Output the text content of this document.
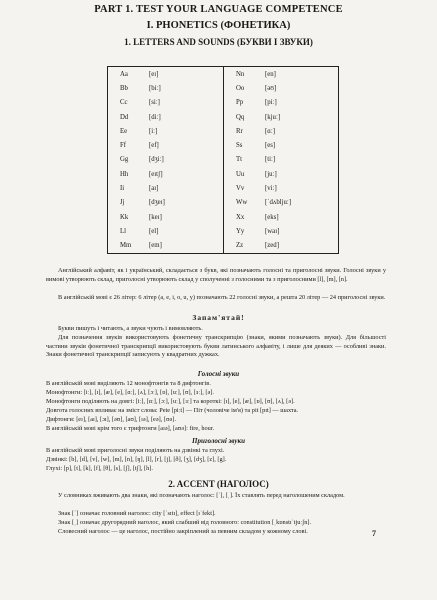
PART 1. TEST YOUR LANGUAGE COMPETENCE
I. PHONETICS (ФОНЕТИКА)
1. LETTERS AND SOUNDS (БУКВИ І ЗВУКИ)
Aa	[eɪ]	Nn	[en]
Bb	[biː]	Oo	[əʊ]
Cc	[siː]	Pp	[piː]
Dd	[diː]	Qq	[kjuː]
Ee	[iː]	Rr	[ɑː]
Ff	[ef]	Ss	[es]
Gg	[dʒiː]	Tt	[tiː]
Hh	[eɪtʃ]	Uu	[juː]
Ii	[aɪ]	Vv	[viː]
Jj	[dʒeɪ]	Ww	[ˈdʌbljuː]
Kk	[keɪ]	Xx	[eks]
Ll	[el]	Yy	[waɪ]
Mm	[em]	Zz	[zed]
Англійський алфавіт, як і український, складається з букв, які позначають голосні та приголосні звуки. Голосні звуки у вимові утворюють склад, приголосні утворюють склад у сполученні з голосними та з приголосними [l], [m], [n].
В англійській мові є 26 літер: 6 літер (a, e, i, o, u, y) позначають 22 голосні звуки, а решта 20 літер — 24 приголосні звуки.
Запам'ятай!
Букви пишуть і читають, а звуки чують і вимовляють.
Для позначення звуків використовують фонетичну транскрипцію (знаки, якими позначають звуки). Для більшості частини звуків фонетичної транскрипції використовують букви латинського алфавіту, і лише для деяких — особливі знаки. Знаки фонетичної транскрипції записують у квадратних дужках.
Голосні звуки
В англійській мові виділяють 12 монофтонгів та 8 дифтонгів.
Монофтонги: [iː], [ɪ], [æ], [e], [ɑː], [ʌ], [ɔː], [ɒ], [uː], [ʊ], [ɜː], [ə].
Монофтонги поділяють на довгі: [iː], [ɑː], [ɔː], [uː], [ɜː] та короткі: [ɪ], [e], [æ], [ɒ], [ʊ], [ʌ], [ə].
Довгота голосних впливає на зміст слова: Pete [piːt] — Піт (чоловіче ім'я) та pit [pɪt] — шахта.
Дифтонги: [eɪ], [aɪ], [ɔɪ], [əʊ], [aʊ], [ɪə], [eə], [ʊə].
В англійській мові крім того є трифтонги [aɪə], [aʊə]: fire, hour.
Приголосні звуки
В англійській мові приголосні звуки поділяють на дзвінкі та глухі.
Дзвінкі: [b], [d], [v], [w], [m], [n], [ŋ], [l], [r], [j], [ð], [ʒ], [dʒ], [z], [g].
Глухі: [p], [t], [k], [f], [θ], [s], [ʃ], [tʃ], [h].
2. ACCENT (НАГОЛОС)
У словниках вживають два знаки, які позначають наголос: [ˈ], [ˌ]. Їх ставлять перед наголошеним складом.
Знак [ˈ] означає головний наголос: city [ˈsɪtɪ], effect [ɪˈfekt].
Знак [ˌ] означає другорядний наголос, який слабший від головного: constitution [ˌkɒnstɪˈtjuːʃn].
Словесний наголос — це наголос, постійно закріплений за певним складом у кожному слові.	7
